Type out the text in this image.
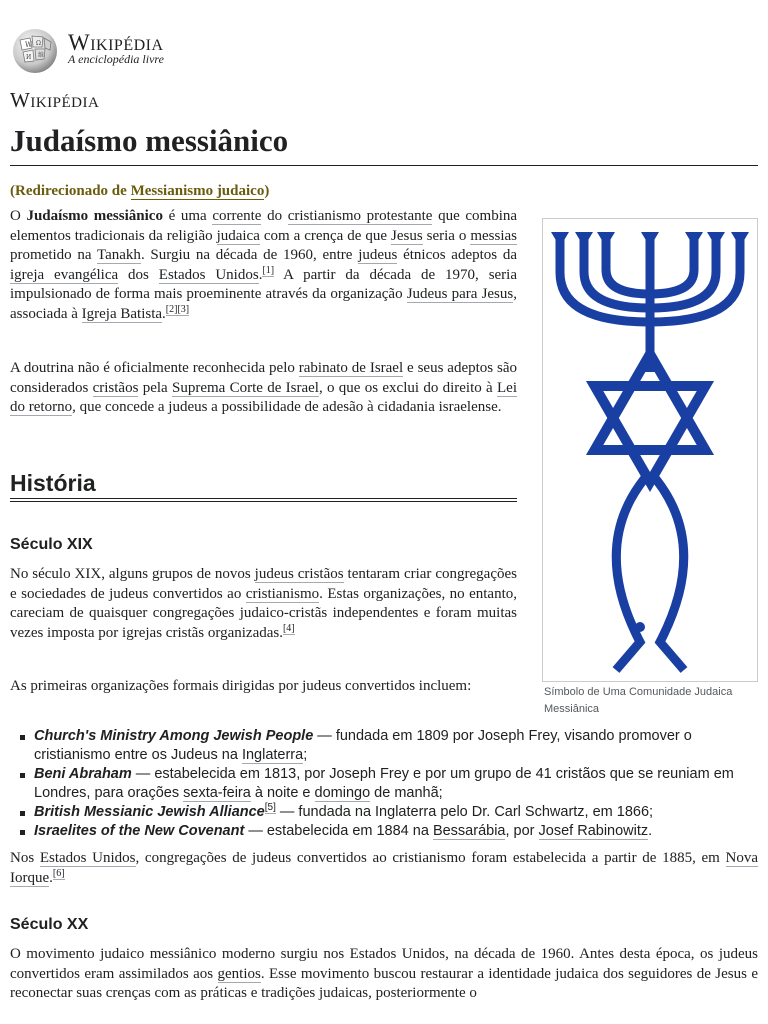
W Ω
И 維
Wikipédia
A enciclopédia livre
Wikipédia
Judaísmo messiânico
(Redirecionado de Messianismo judaico)

O Judaísmo messiânico é uma corrente do cristianismo protestante que combina elementos tradicionais da religião judaica com a crença de que Jesus seria o messias prometido na Tanakh. Surgiu na década de 1960, entre judeus étnicos adeptos da igreja evangélica dos Estados Unidos.[1] A partir da década de 1970, seria impulsionado de forma mais proeminente através da organização Judeus para Jesus, associada à Igreja Batista.[2][3]

A doutrina não é oficialmente reconhecida pelo rabinato de Israel e seus adeptos são considerados cristãos pela Suprema Corte de Israel, o que os exclui do direito à Lei do retorno, que concede a judeus a possibilidade de adesão à cidadania israelense.

Símbolo de Uma Comunidade Judaica Messiânica
História
Século XIX

No século XIX, alguns grupos de novos judeus cristãos tentaram criar congregações e sociedades de judeus convertidos ao cristianismo. Estas organizações, no entanto, careciam de quaisquer congregações judaico-cristãs independentes e foram muitas vezes imposta por igrejas cristãs organizadas.[4]

As primeiras organizações formais dirigidas por judeus convertidos incluem:

Church's Ministry Among Jewish People — fundada em 1809 por Joseph Frey, visando promover o cristianismo entre os Judeus na Inglaterra;
Beni Abraham — estabelecida em 1813, por Joseph Frey e por um grupo de 41 cristãos que se reuniam em Londres, para orações sexta-feira à noite e domingo de manhã;
British Messianic Jewish Alliance[5] — fundada na Inglaterra pelo Dr. Carl Schwartz, em 1866;
Israelites of the New Covenant — estabelecida em 1884 na Bessarábia, por Josef Rabinowitz.

Nos Estados Unidos, congregações de judeus convertidos ao cristianismo foram estabelecida a partir de 1885, em Nova Iorque.[6]

Século XX

O movimento judaico messiânico moderno surgiu nos Estados Unidos, na década de 1960. Antes desta época, os judeus convertidos eram assimilados aos gentios. Esse movimento buscou restaurar a identidade judaica dos seguidores de Jesus e reconectar suas crenças com as práticas e tradições judaicas, posteriormente o
